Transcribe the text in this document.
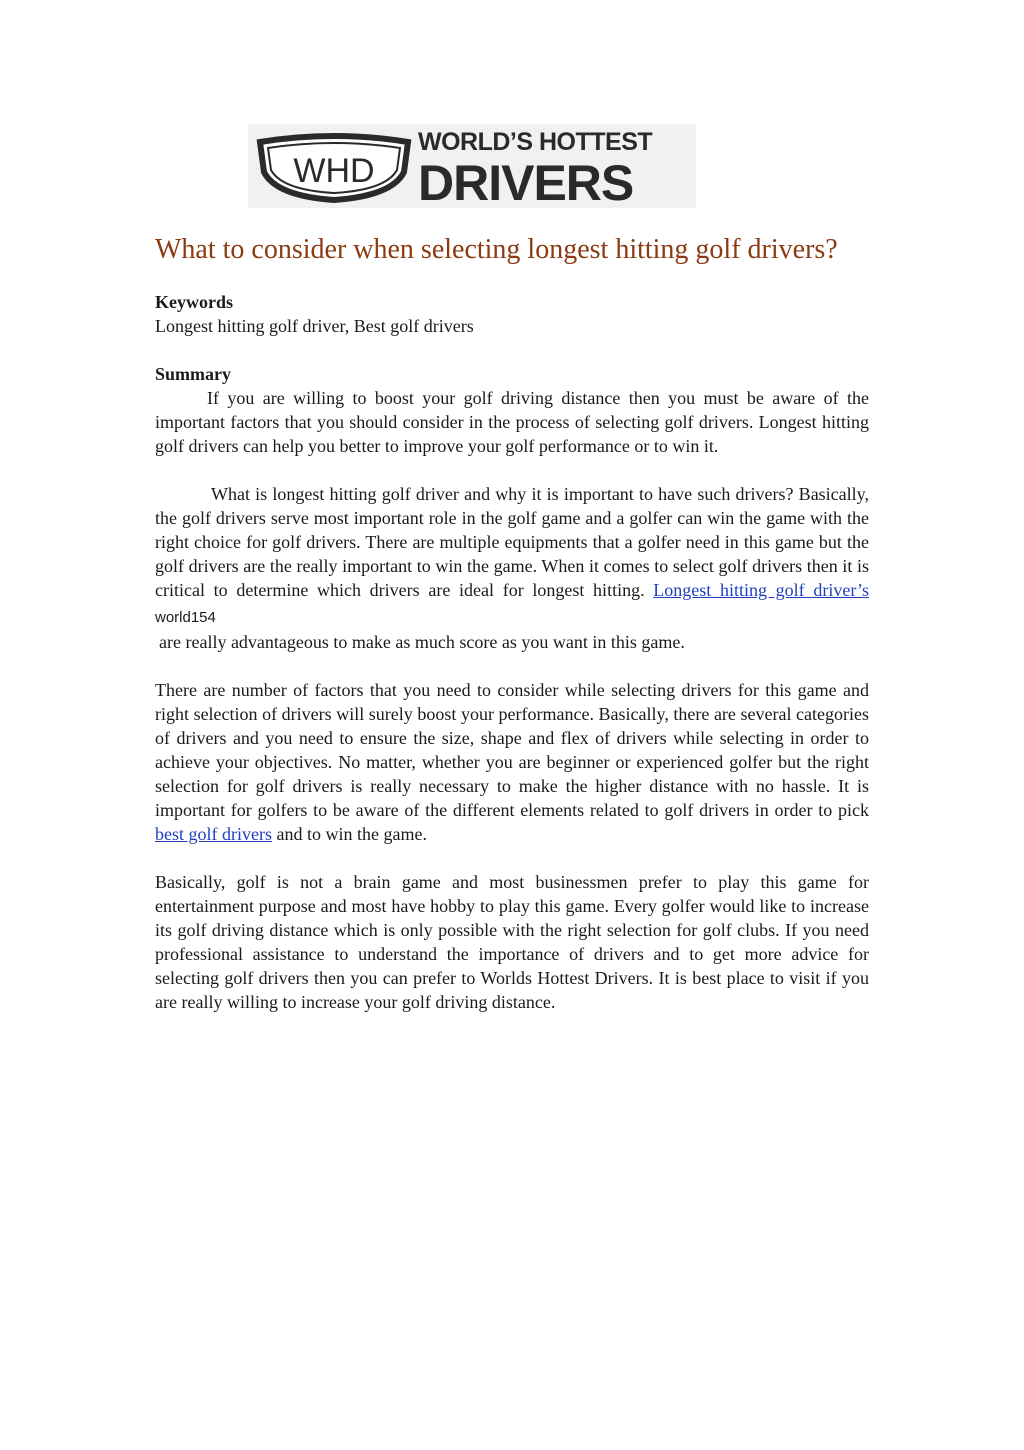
WHD
WORLD’S HOTTEST
DRIVERS
What to consider when selecting longest hitting golf drivers?
Keywords
Longest hitting golf driver, Best golf drivers
Summary

If you are willing to boost your golf driving distance then you must be aware of the important factors that you should consider in the process of selecting golf drivers. Longest hitting golf drivers can help you better to improve your golf performance or to win it.

What is longest hitting golf driver and why it is important to have such drivers? Basically, the golf drivers serve most important role in the golf game and a golfer can win the game with the right choice for golf drivers. There are multiple equipments that a golfer need in this game but the golf drivers are the really important to win the game. When it comes to select golf drivers then it is critical to determine which drivers are ideal for longest hitting. Longest hitting golf driver’s world154

are really advantageous to make as much score as you want in this game.

There are number of factors that you need to consider while selecting drivers for this game and right selection of drivers will surely boost your performance. Basically, there are several categories of drivers and you need to ensure the size, shape and flex of drivers while selecting in order to achieve your objectives. No matter, whether you are beginner or experienced golfer but the right selection for golf drivers is really necessary to make the higher distance with no hassle. It is important for golfers to be aware of the different elements related to golf drivers in order to pick best golf drivers and to win the game.

Basically, golf is not a brain game and most businessmen prefer to play this game for entertainment purpose and most have hobby to play this game. Every golfer would like to increase its golf driving distance which is only possible with the right selection for golf clubs. If you need professional assistance to understand the importance of drivers and to get more advice for selecting golf drivers then you can prefer to Worlds Hottest Drivers. It is best place to visit if you are really willing to increase your golf driving distance.
